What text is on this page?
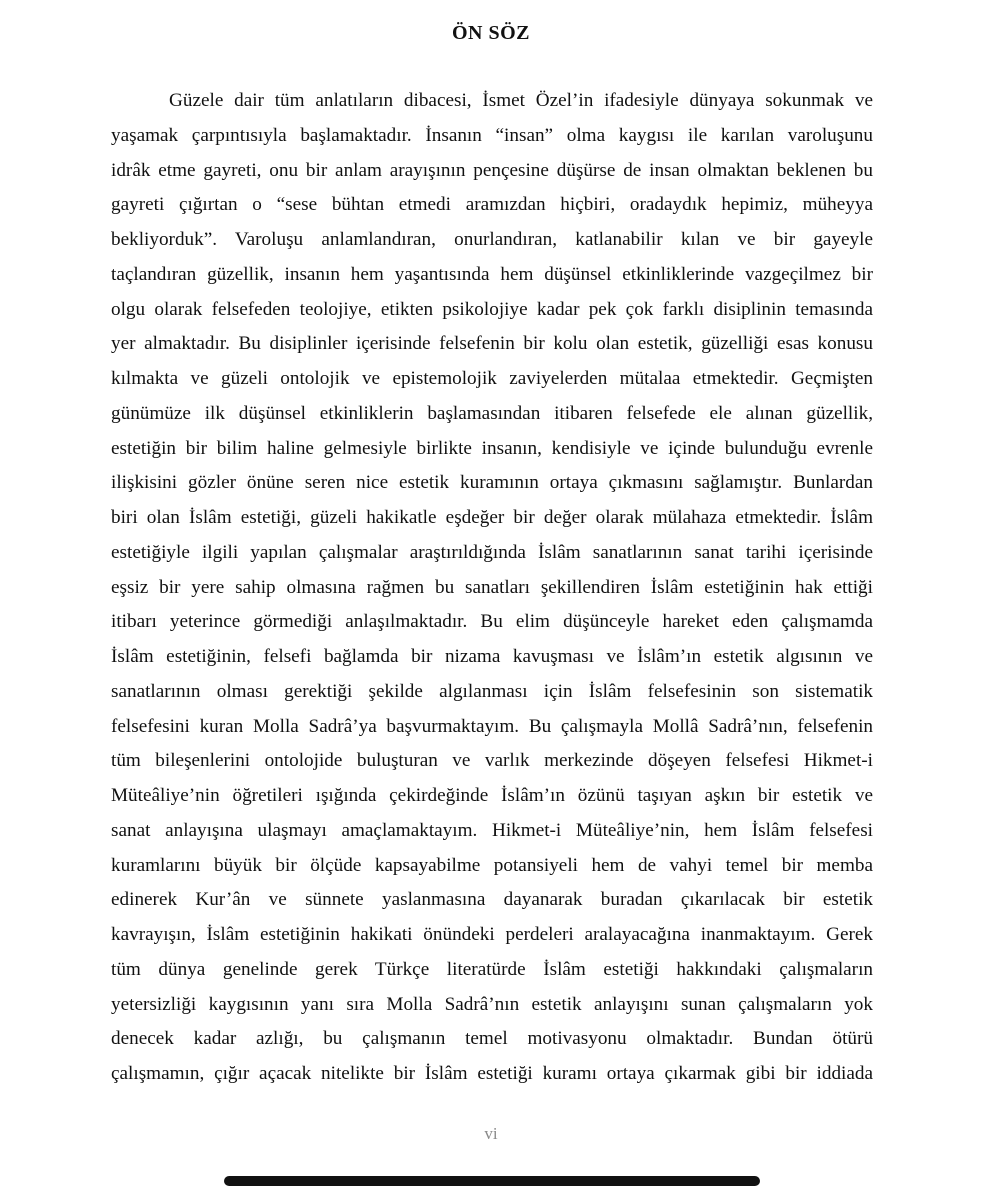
ÖN SÖZ
Güzele dair tüm anlatıların dibacesi, İsmet Özel’in ifadesiyle dünyaya sokunmak ve
yaşamak çarpıntısıyla başlamaktadır. İnsanın “insan” olma kaygısı ile karılan varoluşunu
idrâk etme gayreti, onu bir anlam arayışının pençesine düşürse de insan olmaktan beklenen bu
gayreti çığırtan o “sese bühtan etmedi aramızdan hiçbiri, oradaydık hepimiz, müheyya
bekliyorduk”. Varoluşu anlamlandıran, onurlandıran, katlanabilir kılan ve bir gayeyle
taçlandıran güzellik, insanın hem yaşantısında hem düşünsel etkinliklerinde vazgeçilmez bir
olgu olarak felsefeden teolojiye, etikten psikolojiye kadar pek çok farklı disiplinin temasında
yer almaktadır. Bu disiplinler içerisinde felsefenin bir kolu olan estetik, güzelliği esas konusu
kılmakta ve güzeli ontolojik ve epistemolojik zaviyelerden mütalaa etmektedir. Geçmişten
günümüze ilk düşünsel etkinliklerin başlamasından itibaren felsefede ele alınan güzellik,
estetiğin bir bilim haline gelmesiyle birlikte insanın, kendisiyle ve içinde bulunduğu evrenle
ilişkisini gözler önüne seren nice estetik kuramının ortaya çıkmasını sağlamıştır. Bunlardan
biri olan İslâm estetiği, güzeli hakikatle eşdeğer bir değer olarak mülahaza etmektedir. İslâm
estetiğiyle ilgili yapılan çalışmalar araştırıldığında İslâm sanatlarının sanat tarihi içerisinde
eşsiz bir yere sahip olmasına rağmen bu sanatları şekillendiren İslâm estetiğinin hak ettiği
itibarı yeterince görmediği anlaşılmaktadır. Bu elim düşünceyle hareket eden çalışmamda
İslâm estetiğinin, felsefi bağlamda bir nizama kavuşması ve İslâm’ın estetik algısının ve
sanatlarının olması gerektiği şekilde algılanması için İslâm felsefesinin son sistematik
felsefesini kuran Molla Sadrâ’ya başvurmaktayım. Bu çalışmayla Mollâ Sadrâ’nın, felsefenin
tüm bileşenlerini ontolojide buluşturan ve varlık merkezinde döşeyen felsefesi Hikmet-i
Müteâliye’nin öğretileri ışığında çekirdeğinde İslâm’ın özünü taşıyan aşkın bir estetik ve
sanat anlayışına ulaşmayı amaçlamaktayım. Hikmet-i Müteâliye’nin, hem İslâm felsefesi
kuramlarını büyük bir ölçüde kapsayabilme potansiyeli hem de vahyi temel bir memba
edinerek Kur’ân ve sünnete yaslanmasına dayanarak buradan çıkarılacak bir estetik
kavrayışın, İslâm estetiğinin hakikati önündeki perdeleri aralayacağına inanmaktayım. Gerek
tüm dünya genelinde gerek Türkçe literatürde İslâm estetiği hakkındaki çalışmaların
yetersizliği kaygısının yanı sıra Molla Sadrâ’nın estetik anlayışını sunan çalışmaların yok
denecek kadar azlığı, bu çalışmanın temel motivasyonu olmaktadır. Bundan ötürü
çalışmamın, çığır açacak nitelikte bir İslâm estetiği kuramı ortaya çıkarmak gibi bir iddiada
vi
